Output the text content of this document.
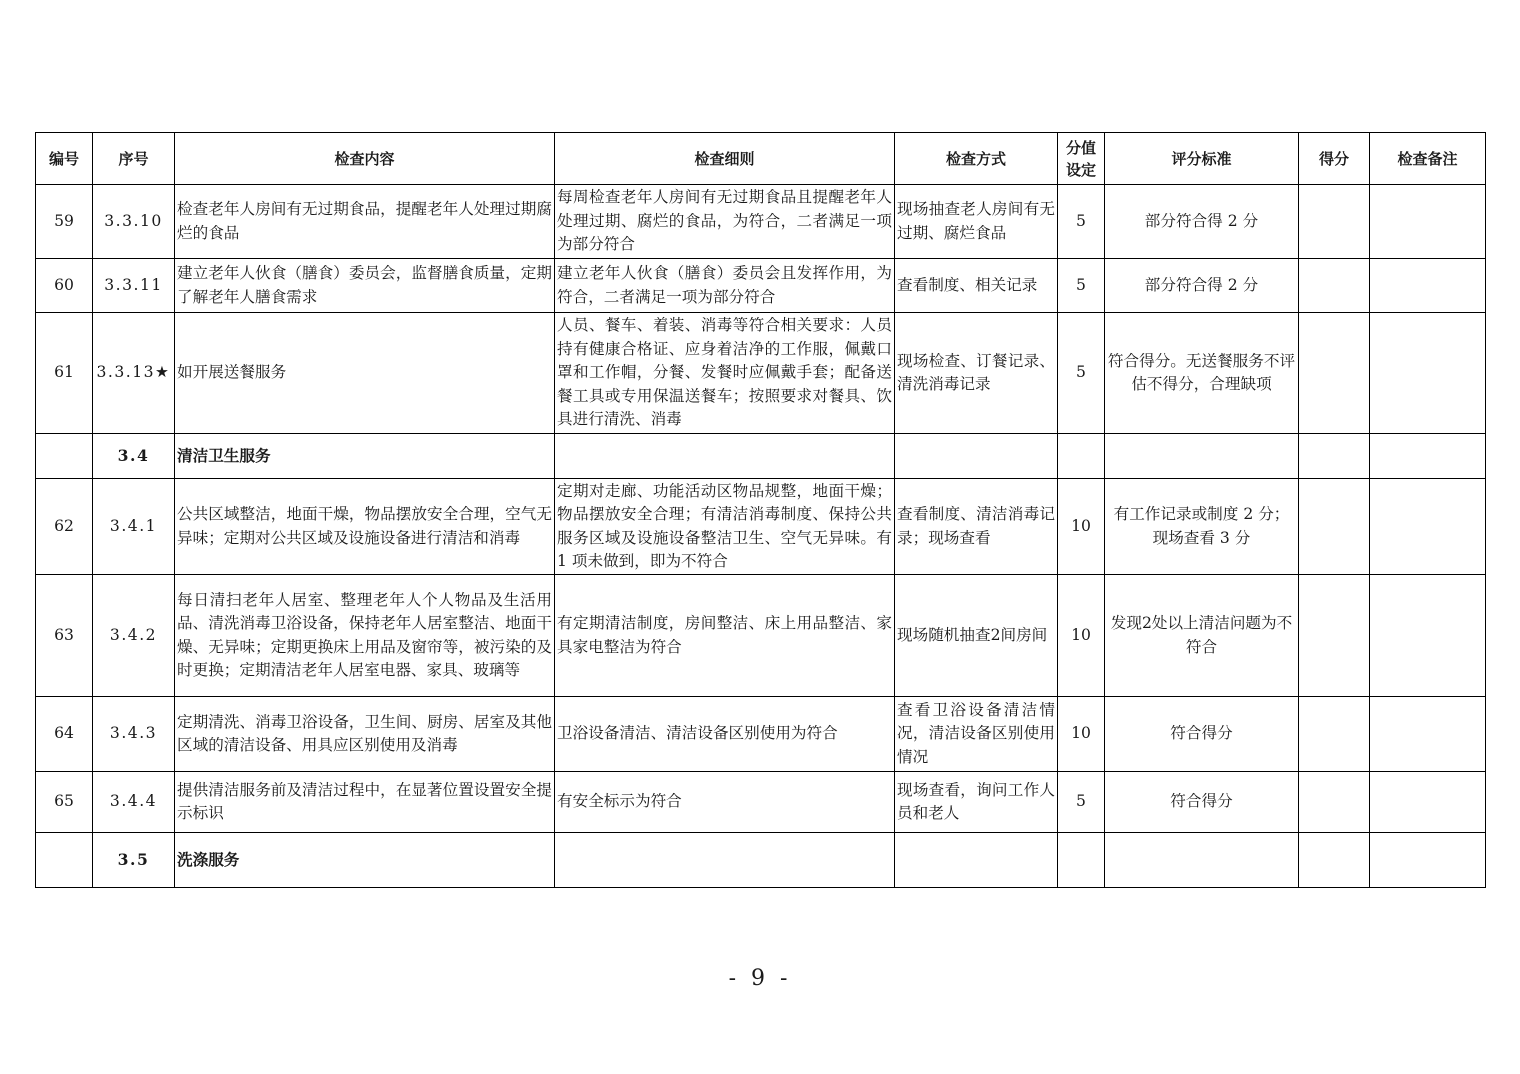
编号	序号	检查内容	检查细则	检查方式	分值设定	评分标准	得分	检查备注
59	3.3.10	检查老年人房间有无过期食品，提醒老年人处理过期腐烂的食品	每周检查老年人房间有无过期食品且提醒老年人处理过期、腐烂的食品，为符合，二者满足一项为部分符合	现场抽查老人房间有无过期、腐烂食品	5	部分符合得 2 分		
60	3.3.11	建立老年人伙食（膳食）委员会，监督膳食质量，定期了解老年人膳食需求	建立老年人伙食（膳食）委员会且发挥作用，为符合，二者满足一项为部分符合	查看制度、相关记录	5	部分符合得 2 分		
61	3.3.13★	如开展送餐服务	人员、餐车、着装、消毒等符合相关要求：人员持有健康合格证、应身着洁净的工作服，佩戴口罩和工作帽，分餐、发餐时应佩戴手套；配备送餐工具或专用保温送餐车；按照要求对餐具、饮具进行清洗、消毒	现场检查、订餐记录、清洗消毒记录	5	符合得分。无送餐服务不评估不得分，合理缺项		
	3.4	清洁卫生服务						
62	3.4.1	公共区域整洁，地面干燥，物品摆放安全合理，空气无异味；定期对公共区域及设施设备进行清洁和消毒	定期对走廊、功能活动区物品规整，地面干燥；物品摆放安全合理；有清洁消毒制度、保持公共服务区域及设施设备整洁卫生、空气无异味。有1 项未做到，即为不符合	查看制度、清洁消毒记录；现场查看	10	有工作记录或制度 2 分；现场查看 3 分		
63	3.4.2	每日清扫老年人居室、整理老年人个人物品及生活用品、清洗消毒卫浴设备，保持老年人居室整洁、地面干燥、无异味；定期更换床上用品及窗帘等，被污染的及时更换；定期清洁老年人居室电器、家具、玻璃等	有定期清洁制度，房间整洁、床上用品整洁、家具家电整洁为符合	现场随机抽查2间房间	10	发现2处以上清洁问题为不符合		
64	3.4.3	定期清洗、消毒卫浴设备，卫生间、厨房、居室及其他区域的清洁设备、用具应区别使用及消毒	卫浴设备清洁、清洁设备区别使用为符合	查看卫浴设备清洁情况，清洁设备区别使用情况	10	符合得分		
65	3.4.4	提供清洁服务前及清洁过程中，在显著位置设置安全提示标识	有安全标示为符合	现场查看，询问工作人员和老人	5	符合得分		
	3.5	洗涤服务						
- 9 -
